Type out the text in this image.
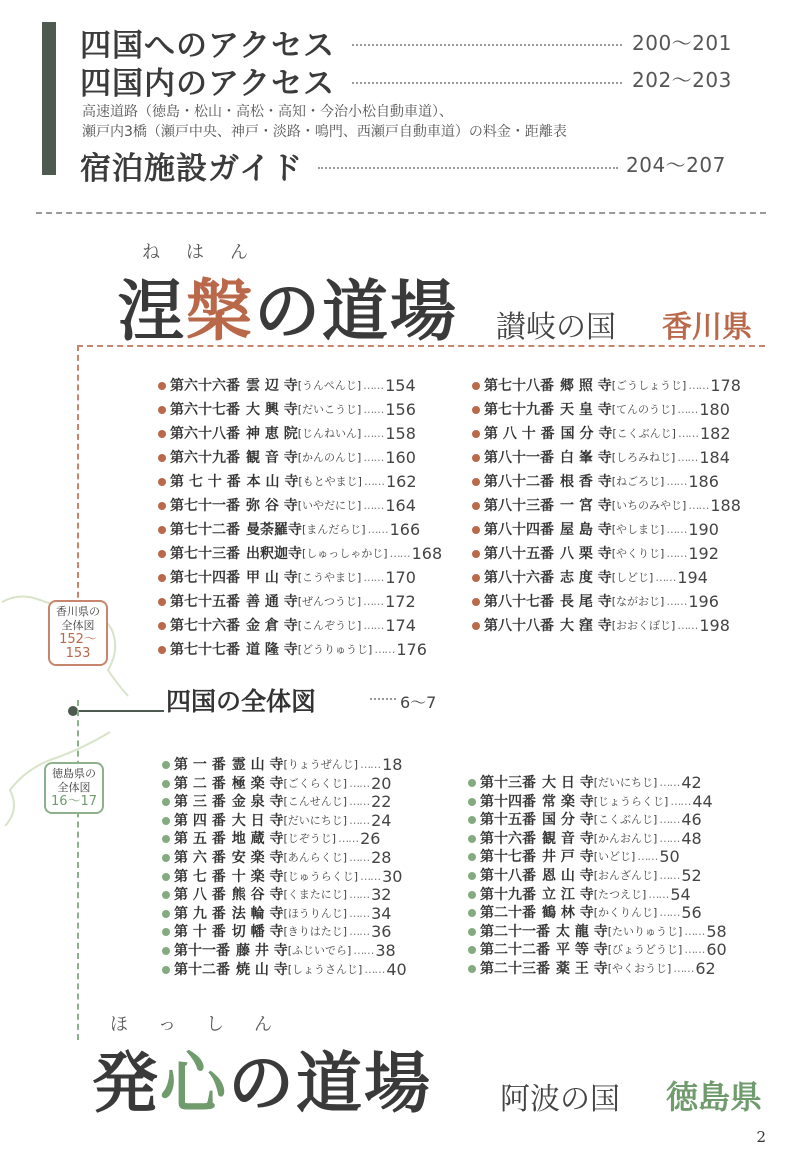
四国へのアクセス	200～201
四国内のアクセス	202～203
高速道路（徳島・松山・高松・高知・今治小松自動車道）、
瀬戸内3橋（瀬戸中央、神戸・淡路・鳴門、西瀬戸自動車道）の料金・距離表
宿泊施設ガイド	204～207
ね　は　ん
涅槃の道場 讃岐の国 香川県
香川県の
全体図
152～153
第六十六番 雲 辺 寺 [うんぺんじ] …… 154
第六十七番 大 興 寺 [だいこうじ] …… 156
第六十八番 神 恵 院 [じんねいん] …… 158
第六十九番 観 音 寺 [かんのんじ] …… 160
第 七 十 番 本 山 寺 [もとやまじ] …… 162
第七十一番 弥 谷 寺 [いやだにじ] …… 164
第七十二番 曼荼羅寺 [まんだらじ] …… 166
第七十三番 出釈迦寺 [しゅっしゃかじ] …… 168
第七十四番 甲 山 寺 [こうやまじ] …… 170
第七十五番 善 通 寺 [ぜんつうじ] …… 172
第七十六番 金 倉 寺 [こんぞうじ] …… 174
第七十七番 道 隆 寺 [どうりゅうじ] …… 176
第七十八番 郷 照 寺 [ごうしょうじ] …… 178
第七十九番 天 皇 寺 [てんのうじ] …… 180
第 八 十 番 国 分 寺 [こくぶんじ] …… 182
第八十一番 白 峯 寺 [しろみねじ] …… 184
第八十二番 根 香 寺 [ねごろじ] …… 186
第八十三番 一 宮 寺 [いちのみやじ] …… 188
第八十四番 屋 島 寺 [やしまじ] …… 190
第八十五番 八 栗 寺 [やくりじ] …… 192
第八十六番 志 度 寺 [しどじ] …… 194
第八十七番 長 尾 寺 [ながおじ] …… 196
第八十八番 大 窪 寺 [おおくぼじ] …… 198
四国の全体図	6～7
徳島県の
全体図
16～17
第 一 番 霊 山 寺 [りょうぜんじ] …… 18
第 二 番 極 楽 寺 [ごくらくじ] …… 20
第 三 番 金 泉 寺 [こんせんじ] …… 22
第 四 番 大 日 寺 [だいにちじ] …… 24
第 五 番 地 蔵 寺 [じぞうじ] …… 26
第 六 番 安 楽 寺 [あんらくじ] …… 28
第 七 番 十 楽 寺 [じゅうらくじ] …… 30
第 八 番 熊 谷 寺 [くまたにじ] …… 32
第 九 番 法 輪 寺 [ほうりんじ] …… 34
第 十 番 切 幡 寺 [きりはたじ] …… 36
第十一番 藤 井 寺 [ふじいでら] …… 38
第十二番 焼 山 寺 [しょうさんじ] …… 40
第十三番 大 日 寺 [だいにちじ] …… 42
第十四番 常 楽 寺 [じょうらくじ] …… 44
第十五番 国 分 寺 [こくぶんじ] …… 46
第十六番 観 音 寺 [かんおんじ] …… 48
第十七番 井 戸 寺 [いどじ] …… 50
第十八番 恩 山 寺 [おんざんじ] …… 52
第十九番 立 江 寺 [たつえじ] …… 54
第二十番 鶴 林 寺 [かくりんじ] …… 56
第二十一番 太 龍 寺 [たいりゅうじ] …… 58
第二十二番 平 等 寺 [びょうどうじ] …… 60
第二十三番 薬 王 寺 [やくおうじ] …… 62
ほ　っ　し　ん
発心の道場 阿波の国 徳島県
2
